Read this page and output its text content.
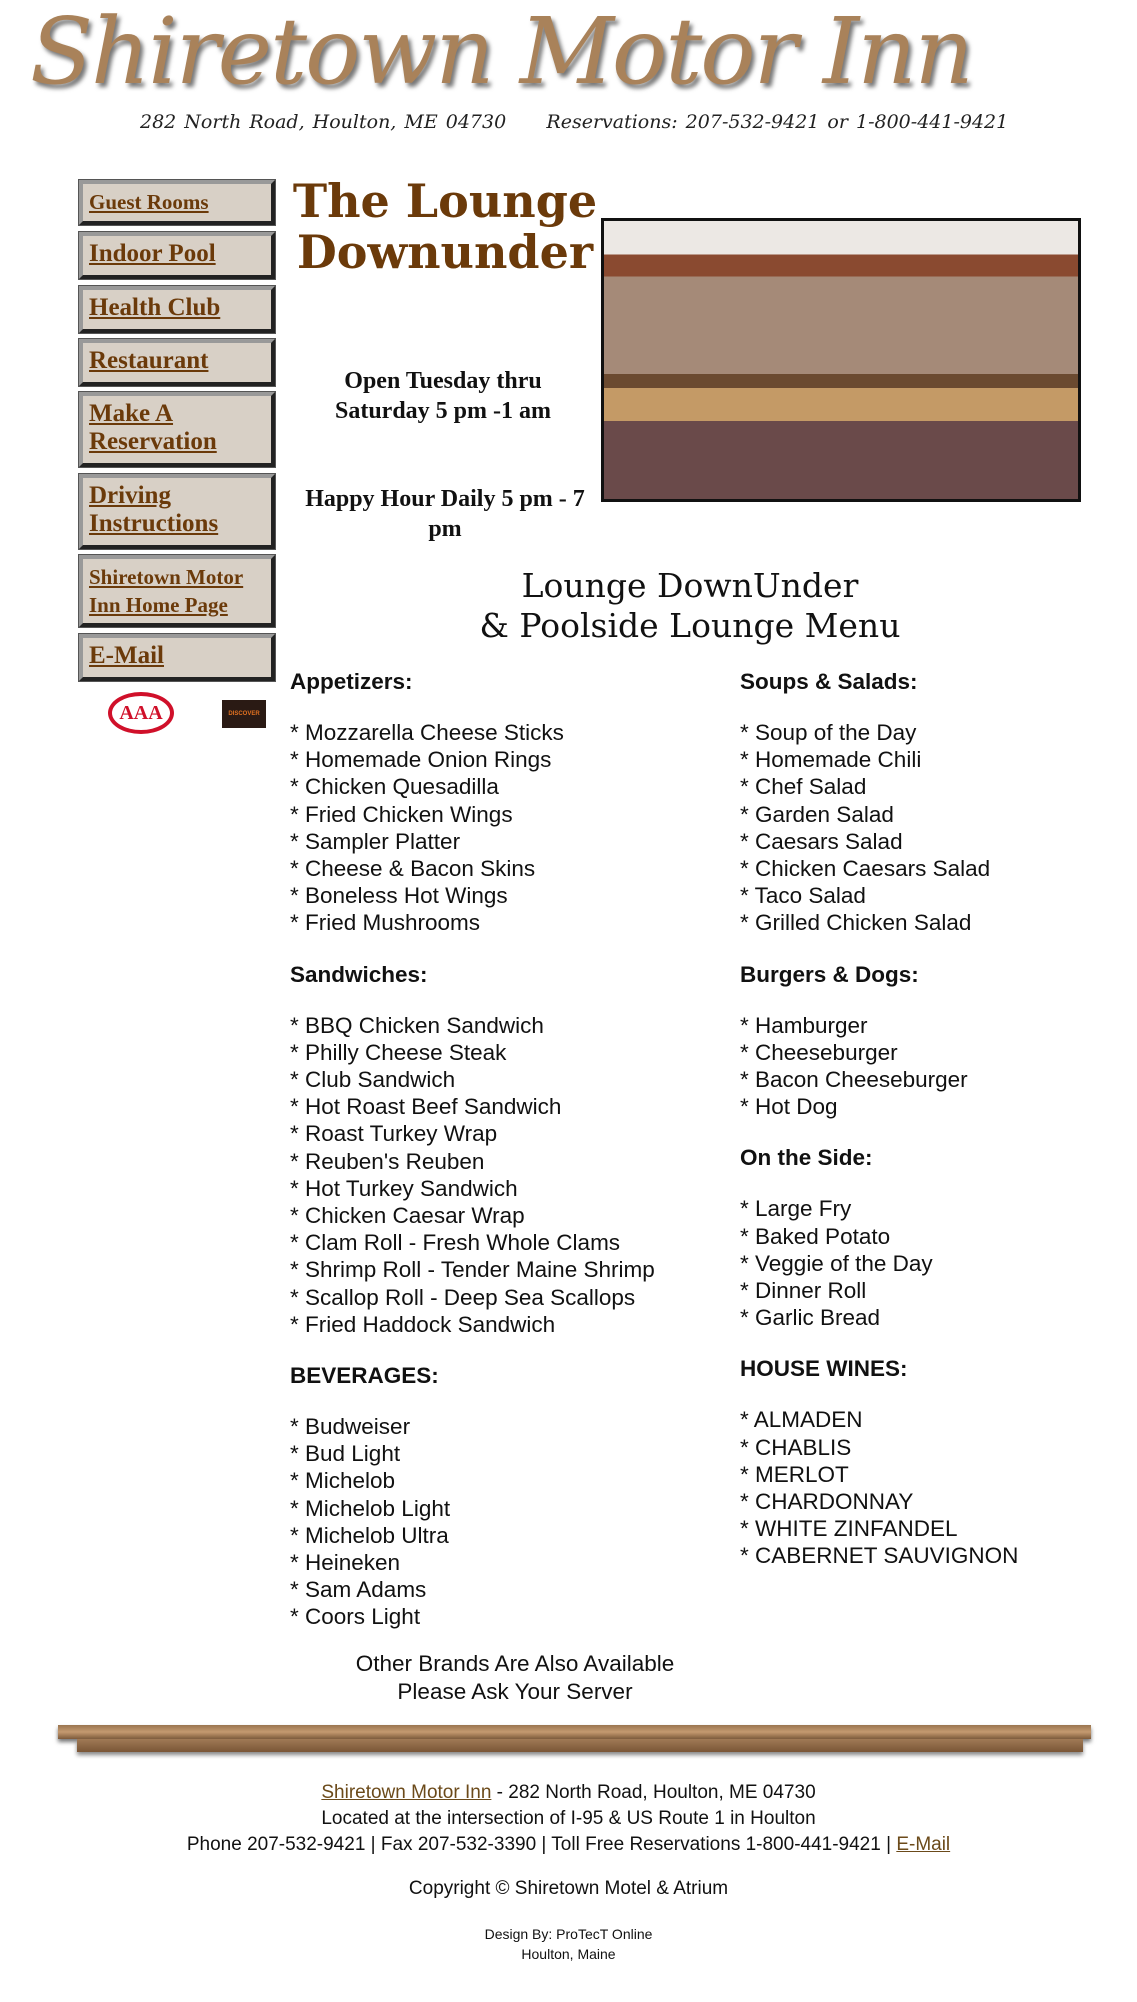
Shiretown Motor Inn
282 North Road, Houlton, ME 04730 Reservations: 207-532-9421 or 1-800-441-9421
Guest Rooms
Indoor Pool
Health Club
Restaurant
Make A Reservation
Driving Instructions
Shiretown Motor Inn Home Page
E-Mail
AAA	DISCOVER
The Lounge Downunder
Open Tuesday thru Saturday 5 pm -1 am
Happy Hour Daily 5 pm - 7 pm
Lounge DownUnder
& Poolside Lounge Menu
Appetizers:
* Mozzarella Cheese Sticks
* Homemade Onion Rings
* Chicken Quesadilla
* Fried Chicken Wings
* Sampler Platter
* Cheese & Bacon Skins
* Boneless Hot Wings
* Fried Mushrooms
Sandwiches:
* BBQ Chicken Sandwich
* Philly Cheese Steak
* Club Sandwich
* Hot Roast Beef Sandwich
* Roast Turkey Wrap
* Reuben's Reuben
* Hot Turkey Sandwich
* Chicken Caesar Wrap
* Clam Roll - Fresh Whole Clams
* Shrimp Roll - Tender Maine Shrimp
* Scallop Roll - Deep Sea Scallops
* Fried Haddock Sandwich
BEVERAGES:
* Budweiser
* Bud Light
* Michelob
* Michelob Light
* Michelob Ultra
* Heineken
* Sam Adams
* Coors Light
Soups & Salads:
* Soup of the Day
* Homemade Chili
* Chef Salad
* Garden Salad
* Caesars Salad
* Chicken Caesars Salad
* Taco Salad
* Grilled Chicken Salad
Burgers & Dogs:
* Hamburger
* Cheeseburger
* Bacon Cheeseburger
* Hot Dog
On the Side:
* Large Fry
* Baked Potato
* Veggie of the Day
* Dinner Roll
* Garlic Bread
HOUSE WINES:
* ALMADEN
* CHABLIS
* MERLOT
* CHARDONNAY
* WHITE ZINFANDEL
* CABERNET SAUVIGNON
Other Brands Are Also Available
Please Ask Your Server
Shiretown Motor Inn - 282 North Road, Houlton, ME 04730
Located at the intersection of I-95 & US Route 1 in Houlton
Phone 207-532-9421 | Fax 207-532-3390 | Toll Free Reservations 1-800-441-9421 | E-Mail
Copyright © Shiretown Motel & Atrium
Design By: ProTecT Online
Houlton, Maine
